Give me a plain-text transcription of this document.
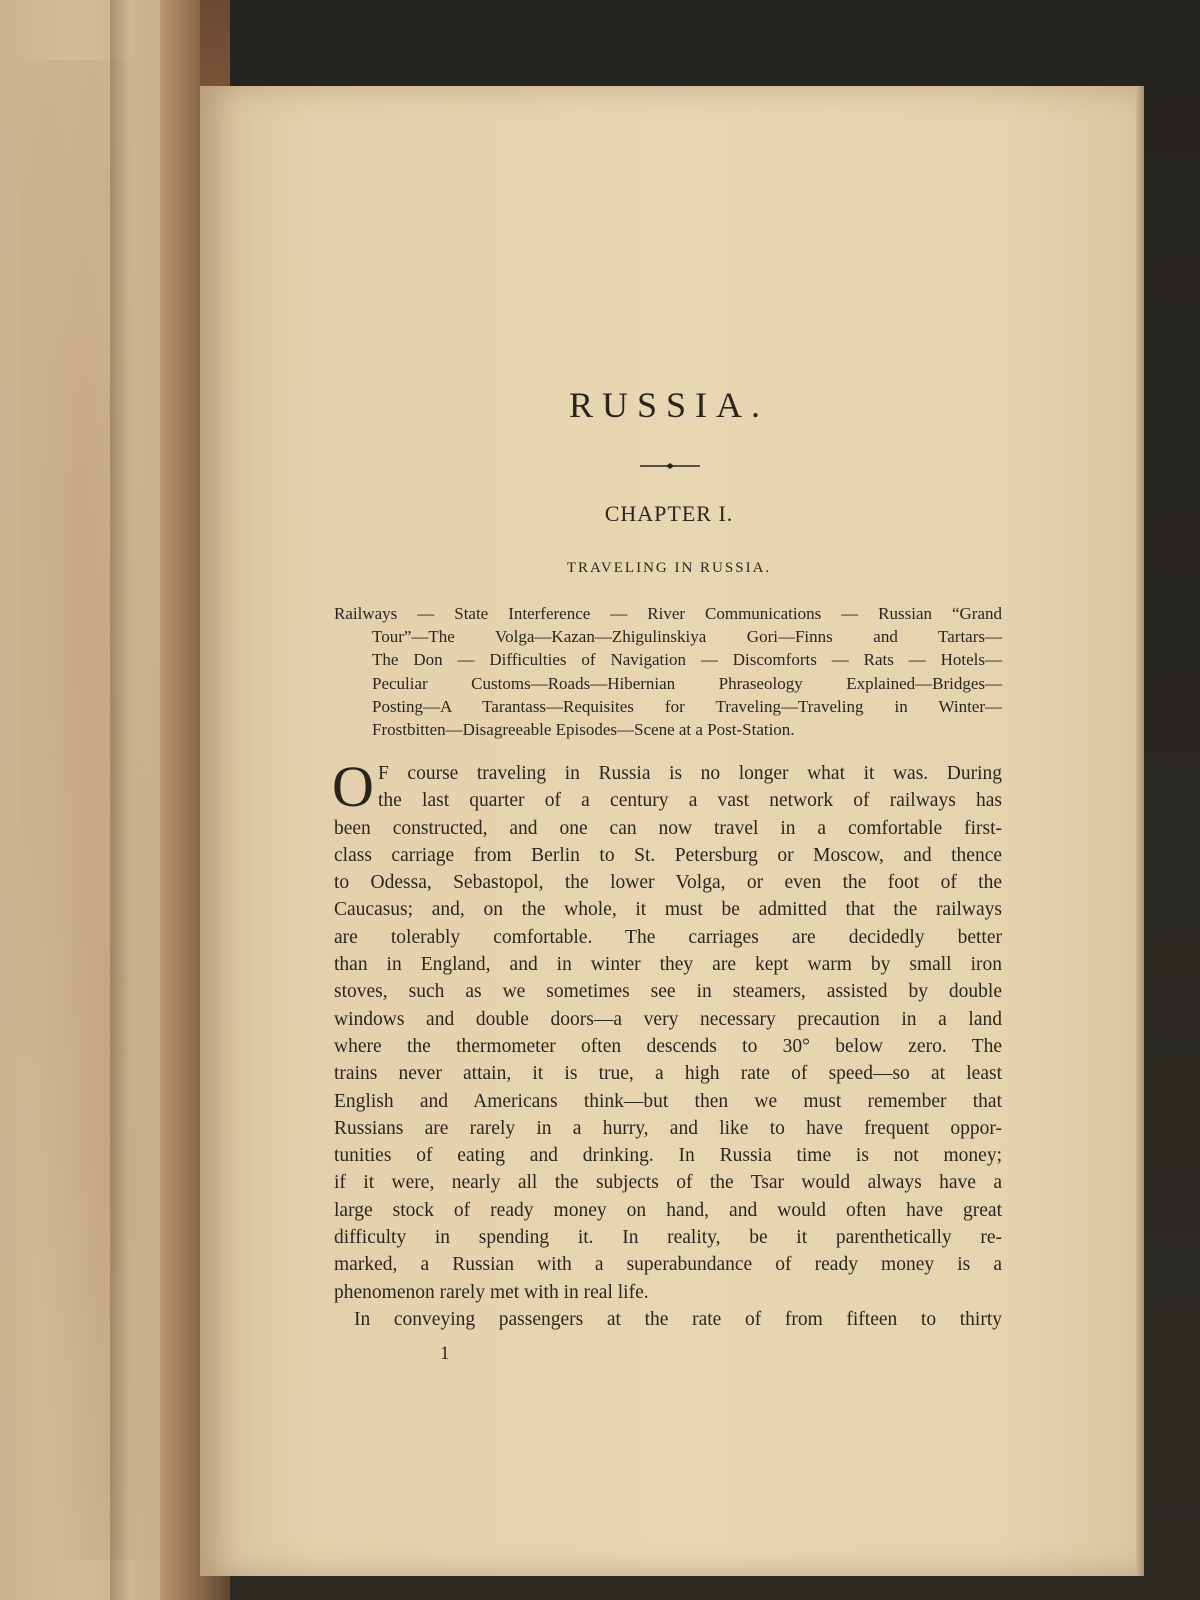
RUSSIA.
CHAPTER I.
TRAVELING IN RUSSIA.
Railways — State Interference — River Communications — Russian “Grand
Tour”—The Volga—Kazan—Zhigulinskiya Gori—Finns and Tartars—
The Don — Difficulties of Navigation — Discomforts — Rats — Hotels—
Peculiar Customs—Roads—Hibernian Phraseology Explained—Bridges—
Posting—A Tarantass—Requisites for Traveling—Traveling in Winter—
Frostbitten—Disagreeable Episodes—Scene at a Post-Station.
O F course traveling in Russia is no longer what it was. During
the last quarter of a century a vast network of railways has
been constructed, and one can now travel in a comfortable first-
class carriage from Berlin to St. Petersburg or Moscow, and thence
to Odessa, Sebastopol, the lower Volga, or even the foot of the
Caucasus; and, on the whole, it must be admitted that the railways
are tolerably comfortable. The carriages are decidedly better
than in England, and in winter they are kept warm by small iron
stoves, such as we sometimes see in steamers, assisted by double
windows and double doors—a very necessary precaution in a land
where the thermometer often descends to 30° below zero. The
trains never attain, it is true, a high rate of speed—so at least
English and Americans think—but then we must remember that
Russians are rarely in a hurry, and like to have frequent oppor-
tunities of eating and drinking. In Russia time is not money;
if it were, nearly all the subjects of the Tsar would always have a
large stock of ready money on hand, and would often have great
difficulty in spending it. In reality, be it parenthetically re-
marked, a Russian with a superabundance of ready money is a
phenomenon rarely met with in real life.
In conveying passengers at the rate of from fifteen to thirty
1
